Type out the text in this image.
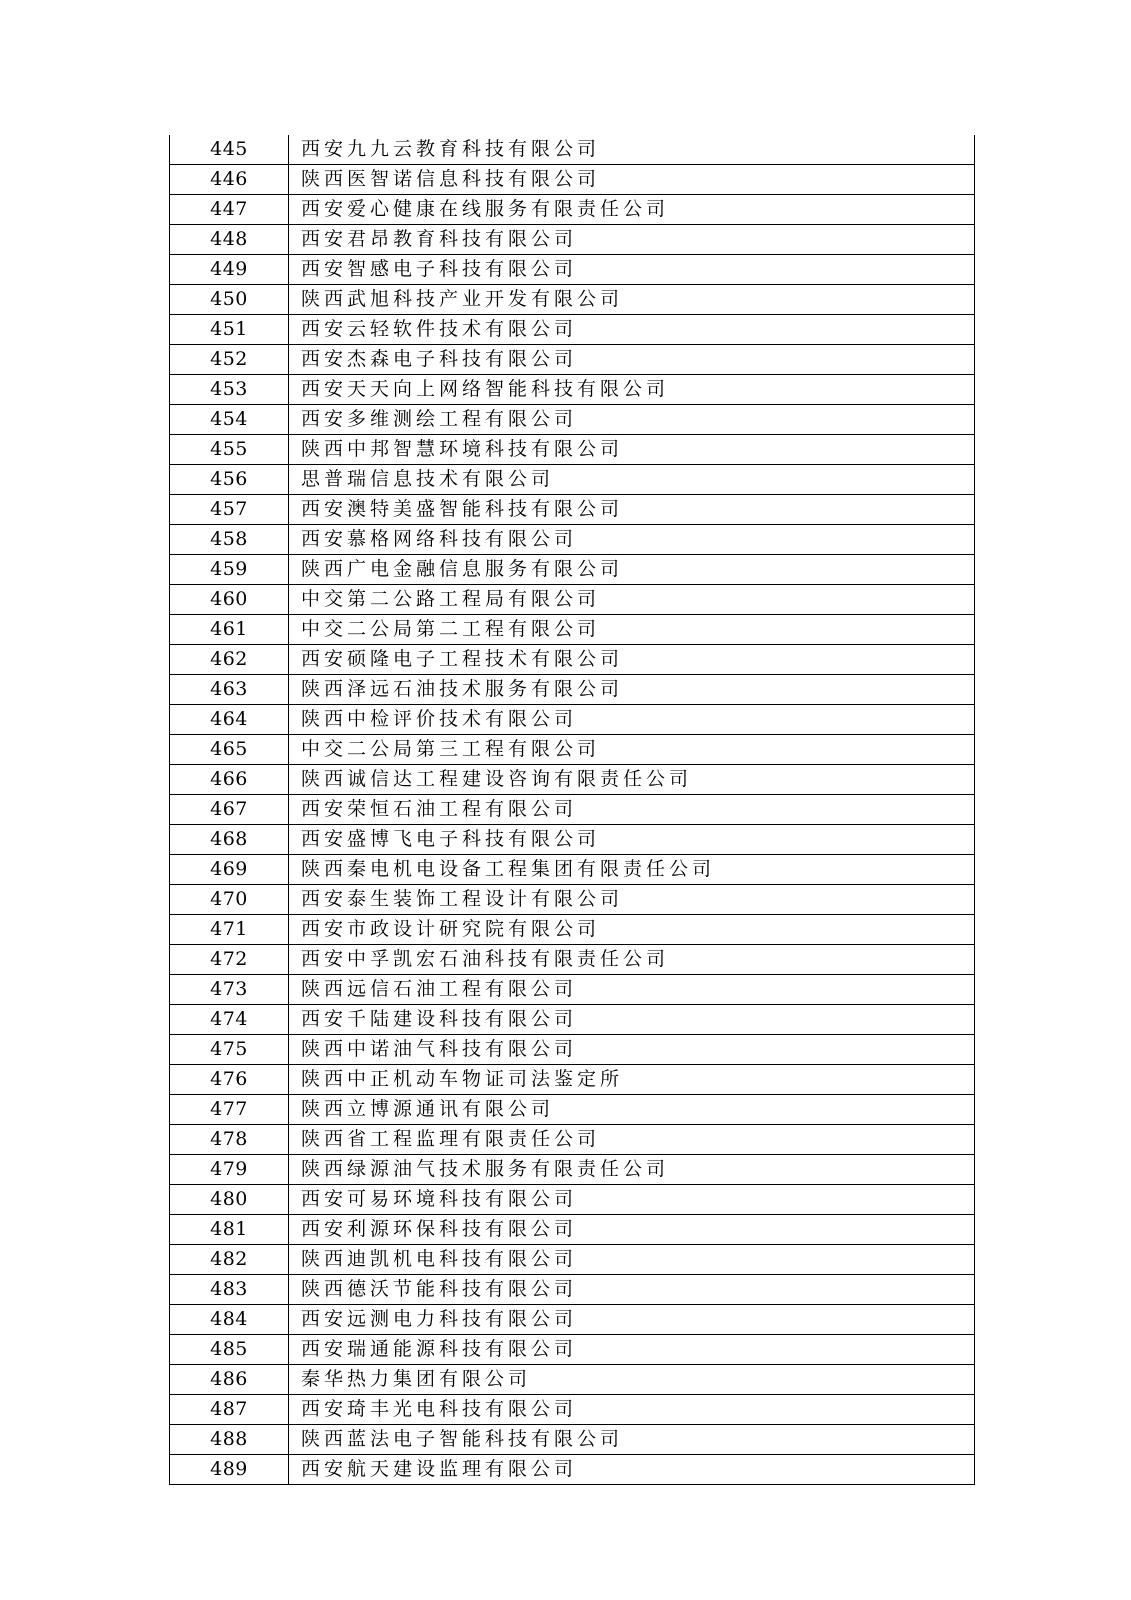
445	西安九九云教育科技有限公司
446	陕西医智诺信息科技有限公司
447	西安爱心健康在线服务有限责任公司
448	西安君昂教育科技有限公司
449	西安智感电子科技有限公司
450	陕西武旭科技产业开发有限公司
451	西安云轻软件技术有限公司
452	西安杰森电子科技有限公司
453	西安天天向上网络智能科技有限公司
454	西安多维测绘工程有限公司
455	陕西中邦智慧环境科技有限公司
456	思普瑞信息技术有限公司
457	西安澳特美盛智能科技有限公司
458	西安慕格网络科技有限公司
459	陕西广电金融信息服务有限公司
460	中交第二公路工程局有限公司
461	中交二公局第二工程有限公司
462	西安硕隆电子工程技术有限公司
463	陕西泽远石油技术服务有限公司
464	陕西中检评价技术有限公司
465	中交二公局第三工程有限公司
466	陕西诚信达工程建设咨询有限责任公司
467	西安荣恒石油工程有限公司
468	西安盛博飞电子科技有限公司
469	陕西秦电机电设备工程集团有限责任公司
470	西安泰生装饰工程设计有限公司
471	西安市政设计研究院有限公司
472	西安中孚凯宏石油科技有限责任公司
473	陕西远信石油工程有限公司
474	西安千陆建设科技有限公司
475	陕西中诺油气科技有限公司
476	陕西中正机动车物证司法鉴定所
477	陕西立博源通讯有限公司
478	陕西省工程监理有限责任公司
479	陕西绿源油气技术服务有限责任公司
480	西安可易环境科技有限公司
481	西安利源环保科技有限公司
482	陕西迪凯机电科技有限公司
483	陕西德沃节能科技有限公司
484	西安远测电力科技有限公司
485	西安瑞通能源科技有限公司
486	秦华热力集团有限公司
487	西安琦丰光电科技有限公司
488	陕西蓝法电子智能科技有限公司
489	西安航天建设监理有限公司
